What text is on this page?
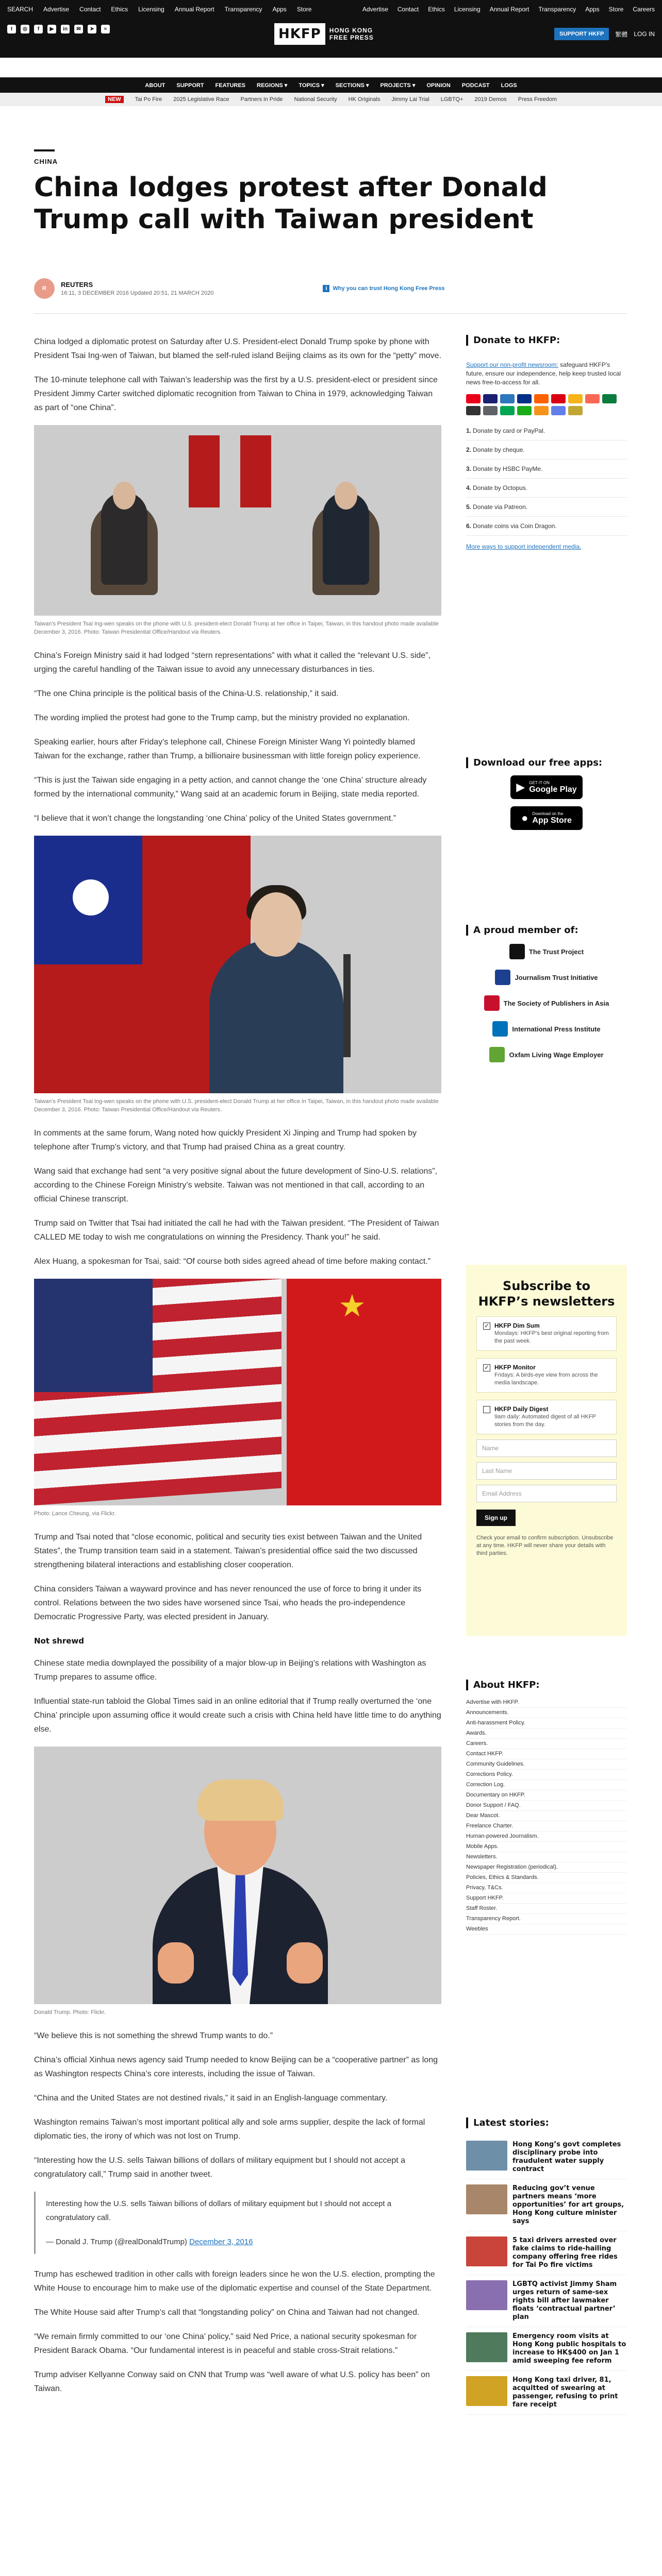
SEARCH Advertise Contact Ethics Licensing Annual Report Transparency Apps Store	Advertise Contact Ethics Licensing Annual Report Transparency Apps Store Careers
t	◎	f	▶	in	✉	➤	≈	HKFP	HONG KONG
FREE PRESS	SUPPORT HKFP	繁體 LOG IN
ABOUT SUPPORT FEATURES REGIONS ▾ TOPICS ▾ SECTIONS ▾ PROJECTS ▾ OPINION PODCAST LOGS
NEW	Tai Po Fire 2025 Legislative Race Partners in Pride National Security HK Originals Jimmy Lai Trial LGBTQ+ 2019 Demos Press Freedom
CHINA
China lodges protest after Donald Trump call with Taiwan president
R	REUTERS
16:11, 3 DECEMBER 2016 Updated 20:51, 21 MARCH 2020
i	Why you can trust Hong Kong Free Press

China lodged a diplomatic protest on Saturday after U.S. President-elect Donald Trump spoke by phone with President Tsai Ing-wen of Taiwan, but blamed the self-ruled island Beijing claims as its own for the “petty” move.

The 10-minute telephone call with Taiwan’s leadership was the first by a U.S. president-elect or president since President Jimmy Carter switched diplomatic recognition from Taiwan to China in 1979, acknowledging Taiwan as part of “one China”.

Taiwan’s President Tsai Ing-wen speaks on the phone with U.S. president-elect Donald Trump at her office in Taipei, Taiwan, in this handout photo made available December 3, 2016. Photo: Taiwan Presidential Office/Handout via Reuters.

China’s Foreign Ministry said it had lodged “stern representations” with what it called the “relevant U.S. side”, urging the careful handling of the Taiwan issue to avoid any unnecessary disturbances in ties.

“The one China principle is the political basis of the China-U.S. relationship,” it said.

The wording implied the protest had gone to the Trump camp, but the ministry provided no explanation.

Speaking earlier, hours after Friday’s telephone call, Chinese Foreign Minister Wang Yi pointedly blamed Taiwan for the exchange, rather than Trump, a billionaire businessman with little foreign policy experience.

“This is just the Taiwan side engaging in a petty action, and cannot change the ‘one China’ structure already formed by the international community,” Wang said at an academic forum in Beijing, state media reported.

“I believe that it won’t change the longstanding ‘one China’ policy of the United States government.”

Taiwan’s President Tsai Ing-wen speaks on the phone with U.S. president-elect Donald Trump at her office in Taipei, Taiwan, in this handout photo made available December 3, 2016. Photo: Taiwan Presidential Office/Handout via Reuters.

In comments at the same forum, Wang noted how quickly President Xi Jinping and Trump had spoken by telephone after Trump’s victory, and that Trump had praised China as a great country.

Wang said that exchange had sent “a very positive signal about the future development of Sino-U.S. relations”, according to the Chinese Foreign Ministry’s website. Taiwan was not mentioned in that call, according to an official Chinese transcript.

Trump said on Twitter that Tsai had initiated the call he had with the Taiwan president. “The President of Taiwan CALLED ME today to wish me congratulations on winning the Presidency. Thank you!” he said.

Alex Huang, a spokesman for Tsai, said: “Of course both sides agreed ahead of time before making contact.”

★
Photo: Lance Cheung, via Flickr.

Trump and Tsai noted that “close economic, political and security ties exist between Taiwan and the United States”, the Trump transition team said in a statement. Taiwan’s presidential office said the two discussed strengthening bilateral interactions and establishing closer cooperation.

China considers Taiwan a wayward province and has never renounced the use of force to bring it under its control. Relations between the two sides have worsened since Tsai, who heads the pro-independence Democratic Progressive Party, was elected president in January.

Not shrewd

Chinese state media downplayed the possibility of a major blow-up in Beijing’s relations with Washington as Trump prepares to assume office.

Influential state-run tabloid the Global Times said in an online editorial that if Trump really overturned the ‘one China’ principle upon assuming office it would create such a crisis with China held have little time to do anything else.

Donald Trump. Photo: Flickr.

“We believe this is not something the shrewd Trump wants to do.”

China’s official Xinhua news agency said Trump needed to know Beijing can be a “cooperative partner” as long as Washington respects China’s core interests, including the issue of Taiwan.

“China and the United States are not destined rivals,” it said in an English-language commentary.

Washington remains Taiwan’s most important political ally and sole arms supplier, despite the lack of formal diplomatic ties, the irony of which was not lost on Trump.

“Interesting how the U.S. sells Taiwan billions of dollars of military equipment but I should not accept a congratulatory call,” Trump said in another tweet.

Interesting how the U.S. sells Taiwan billions of dollars of military equipment but I should not accept a congratulatory call.

— Donald J. Trump (@realDonaldTrump) December 3, 2016

Trump has eschewed tradition in other calls with foreign leaders since he won the U.S. election, prompting the White House to encourage him to make use of the diplomatic expertise and counsel of the State Department.

The White House said after Trump’s call that “longstanding policy” on China and Taiwan had not changed.

“We remain firmly committed to our ‘one China’ policy,” said Ned Price, a national security spokesman for President Barack Obama. “Our fundamental interest is in peaceful and stable cross-Strait relations.”

Trump adviser Kellyanne Conway said on CNN that Trump was “well aware of what U.S. policy has been” on Taiwan.

Donate to HKFP:
Support our non-profit newsroom: safeguard HKFP’s future, ensure our independence, help keep trusted local news free-to-access for all.
1. Donate by card or PayPal.
2. Donate by cheque.
3. Donate by HSBC PayMe.
4. Donate by Octopus.
5. Donate via Patreon.
6. Donate coins via Coin Dragon.
More ways to support independent media.
Download our free apps:
▶ GET IT ON
Google Play
● Download on the
App Store
A proud member of:
The Trust Project
Journalism Trust Initiative
The Society of Publishers in Asia
International Press Institute
Oxfam Living Wage Employer
Subscribe to HKFP’s newsletters
✓ HKFP Dim Sum
Mondays: HKFP’s best original reporting from the past week.
✓ HKFP Monitor
Fridays: A birds-eye view from across the media landscape.
HKFP Daily Digest
9am daily: Automated digest of all HKFP stories from the day.
Name
Last Name
Email Address
Sign up
Check your email to confirm subscription. Unsubscribe at any time. HKFP will never share your details with third parties.
About HKFP:
Advertise with HKFP.
Announcements.
Anti-harassment Policy.
Awards.
Careers.
Contact HKFP.
Community Guidelines.
Corrections Policy.
Correction Log.
Documentary on HKFP.
Donor Support / FAQ.
Dear Mascot.
Freelance Charter.
Human-powered Journalism.
Mobile Apps.
Newsletters.
Newspaper Registration (periodical).
Policies, Ethics & Standards.
Privacy, T&Cs.
Support HKFP.
Staff Roster.
Transparency Report.
Weebles
Latest stories:
Hong Kong’s govt completes disciplinary probe into fraudulent water supply contract
Reducing gov’t venue partners means ‘more opportunities’ for art groups, Hong Kong culture minister says
5 taxi drivers arrested over fake claims to ride-hailing company offering free rides for Tai Po fire victims
LGBTQ activist Jimmy Sham urges return of same-sex rights bill after lawmaker floats ‘contractual partner’ plan
Emergency room visits at Hong Kong public hospitals to increase to HK$400 on Jan 1 amid sweeping fee reform
Hong Kong taxi driver, 81, acquitted of swearing at passenger, refusing to print fare receipt
